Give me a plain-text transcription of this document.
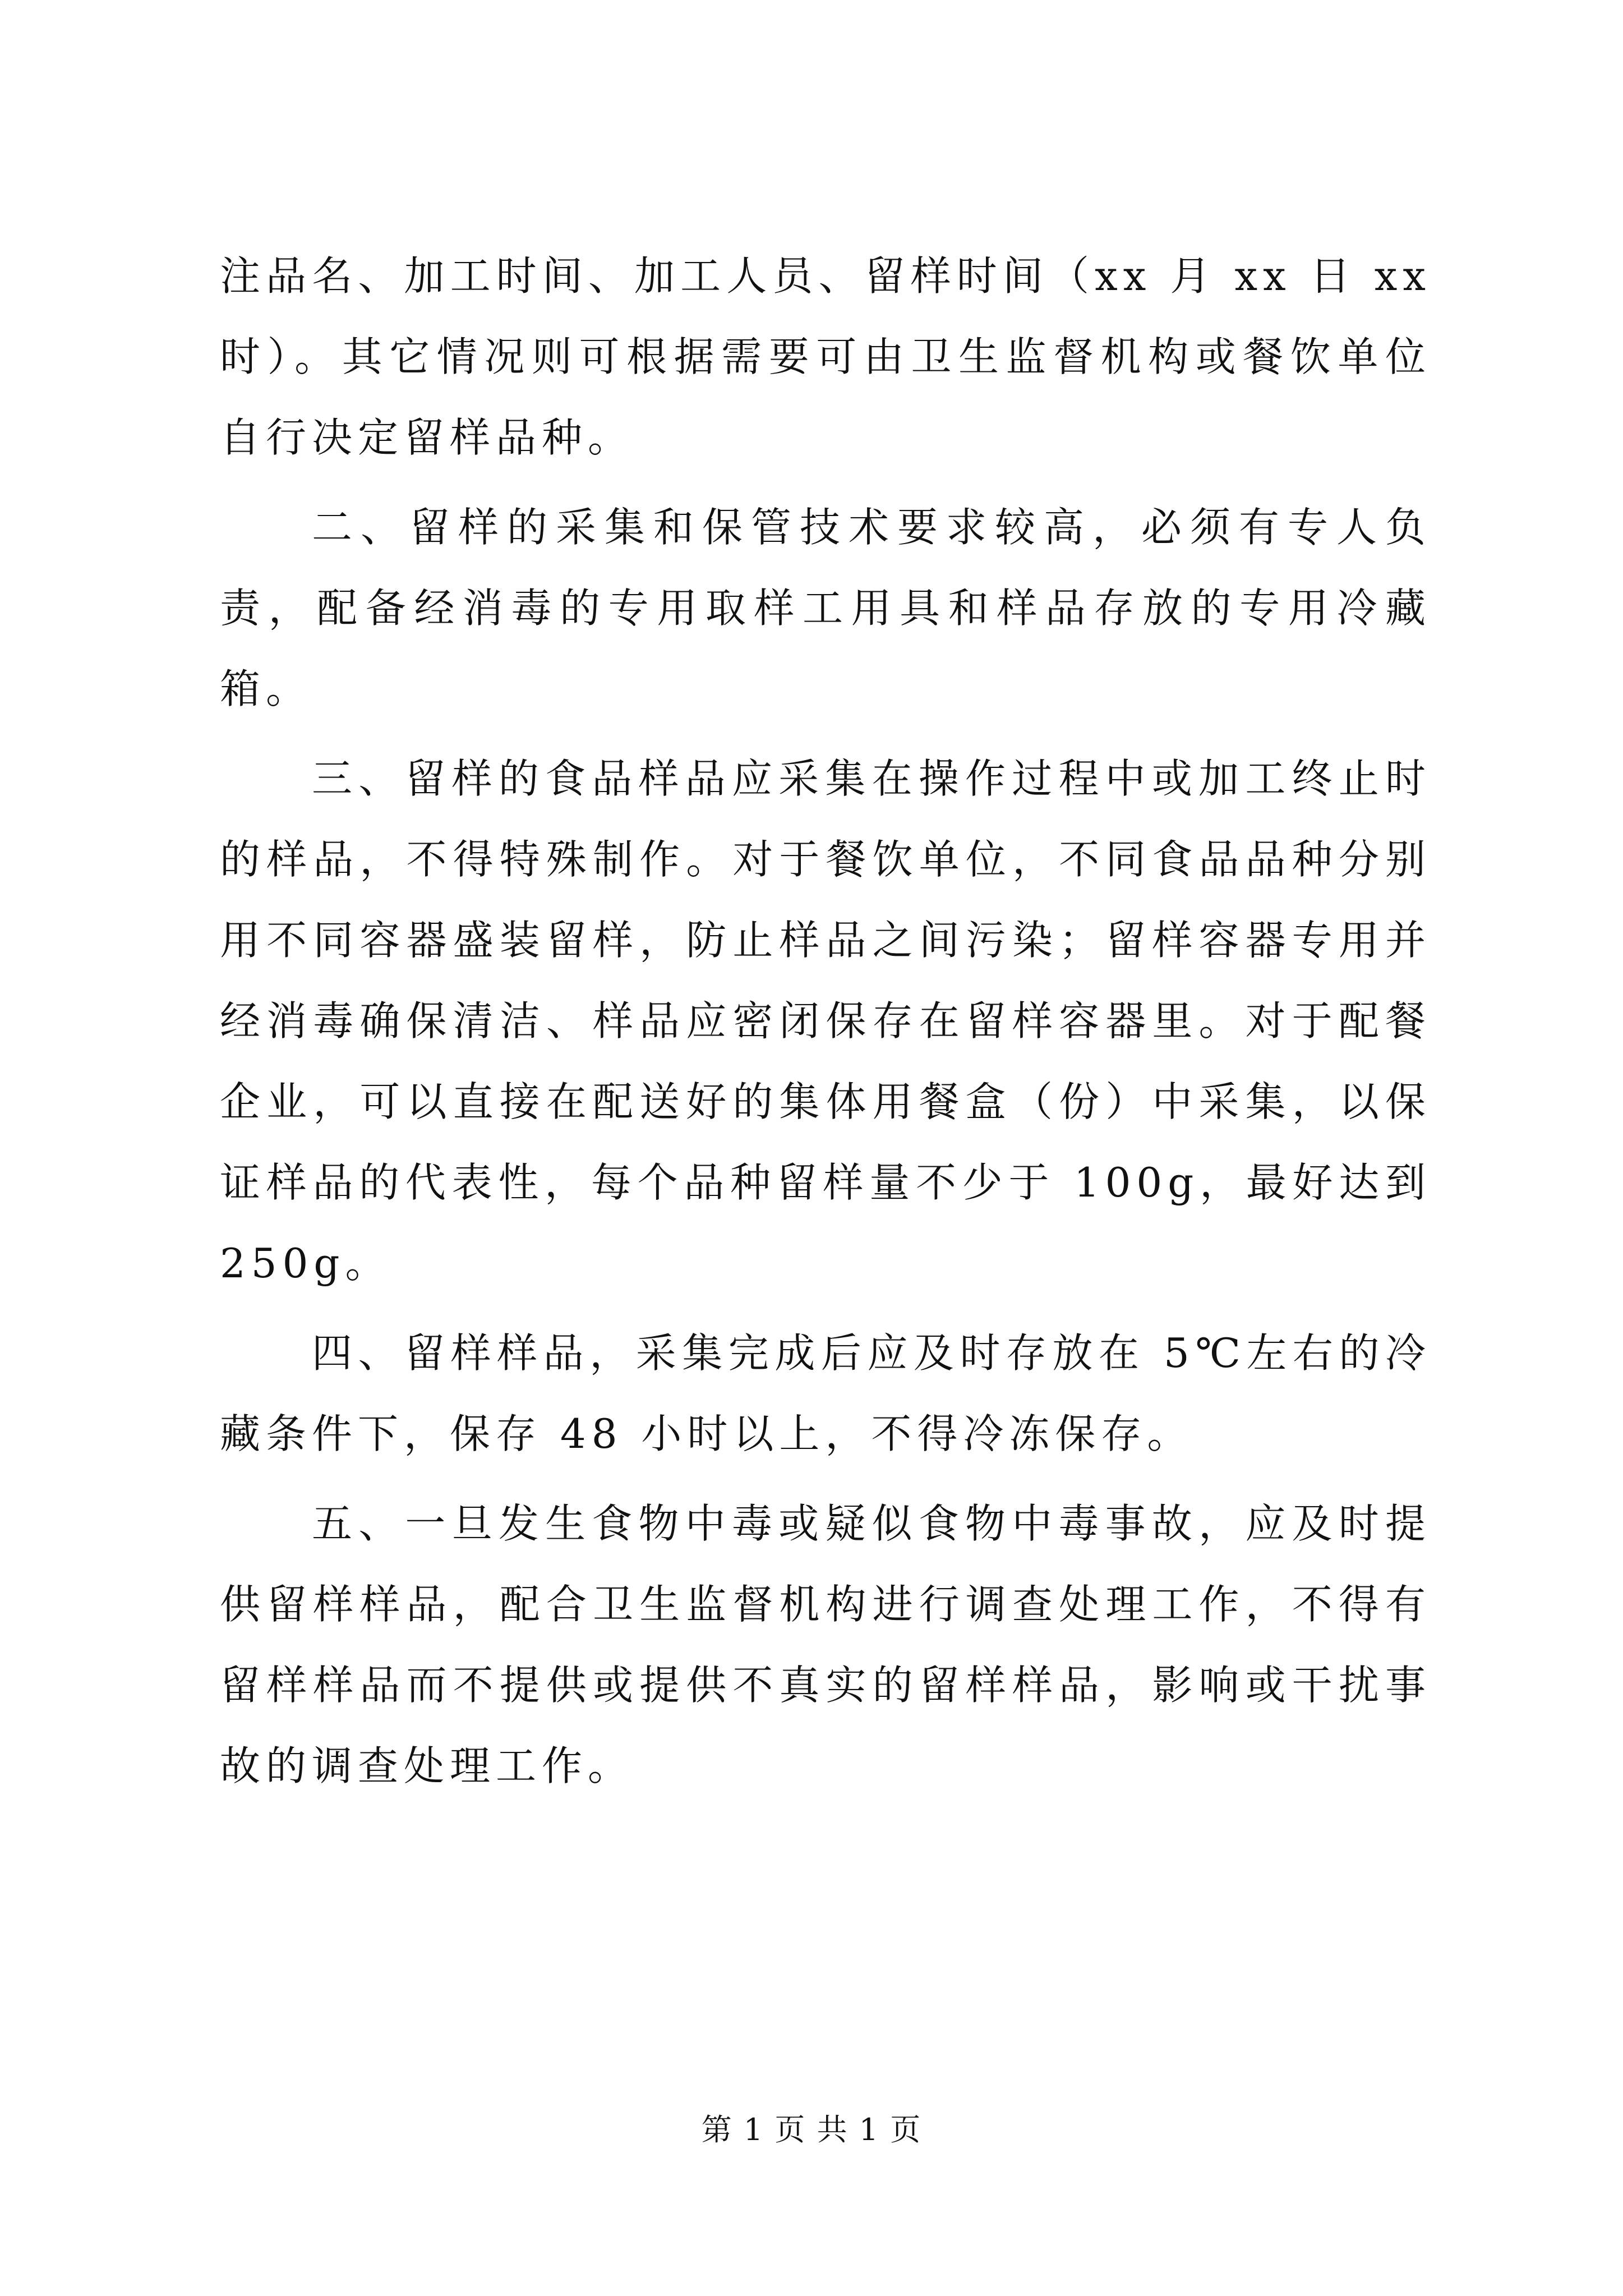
注品名、加工时间、加工人员、留样时间（xx 月 xx 日 xx 时）。其它情况则可根据需要可由卫生监督机构或餐饮单位自行决定留样品种。

二、留样的采集和保管技术要求较高，必须有专人负责，配备经消毒的专用取样工用具和样品存放的专用冷藏箱。

三、留样的食品样品应采集在操作过程中或加工终止时的样品，不得特殊制作。对于餐饮单位，不同食品品种分别用不同容器盛装留样，防止样品之间污染；留样容器专用并经消毒确保清洁、样品应密闭保存在留样容器里。对于配餐企业，可以直接在配送好的集体用餐盒（份）中采集，以保证样品的代表性，每个品种留样量不少于 100g，最好达到 250g。

四、留样样品，采集完成后应及时存放在 5℃左右的冷藏条件下，保存 48 小时以上，不得冷冻保存。

五、一旦发生食物中毒或疑似食物中毒事故，应及时提供留样样品，配合卫生监督机构进行调查处理工作，不得有留样样品而不提供或提供不真实的留样样品，影响或干扰事故的调查处理工作。

第 1 页 共 1 页
